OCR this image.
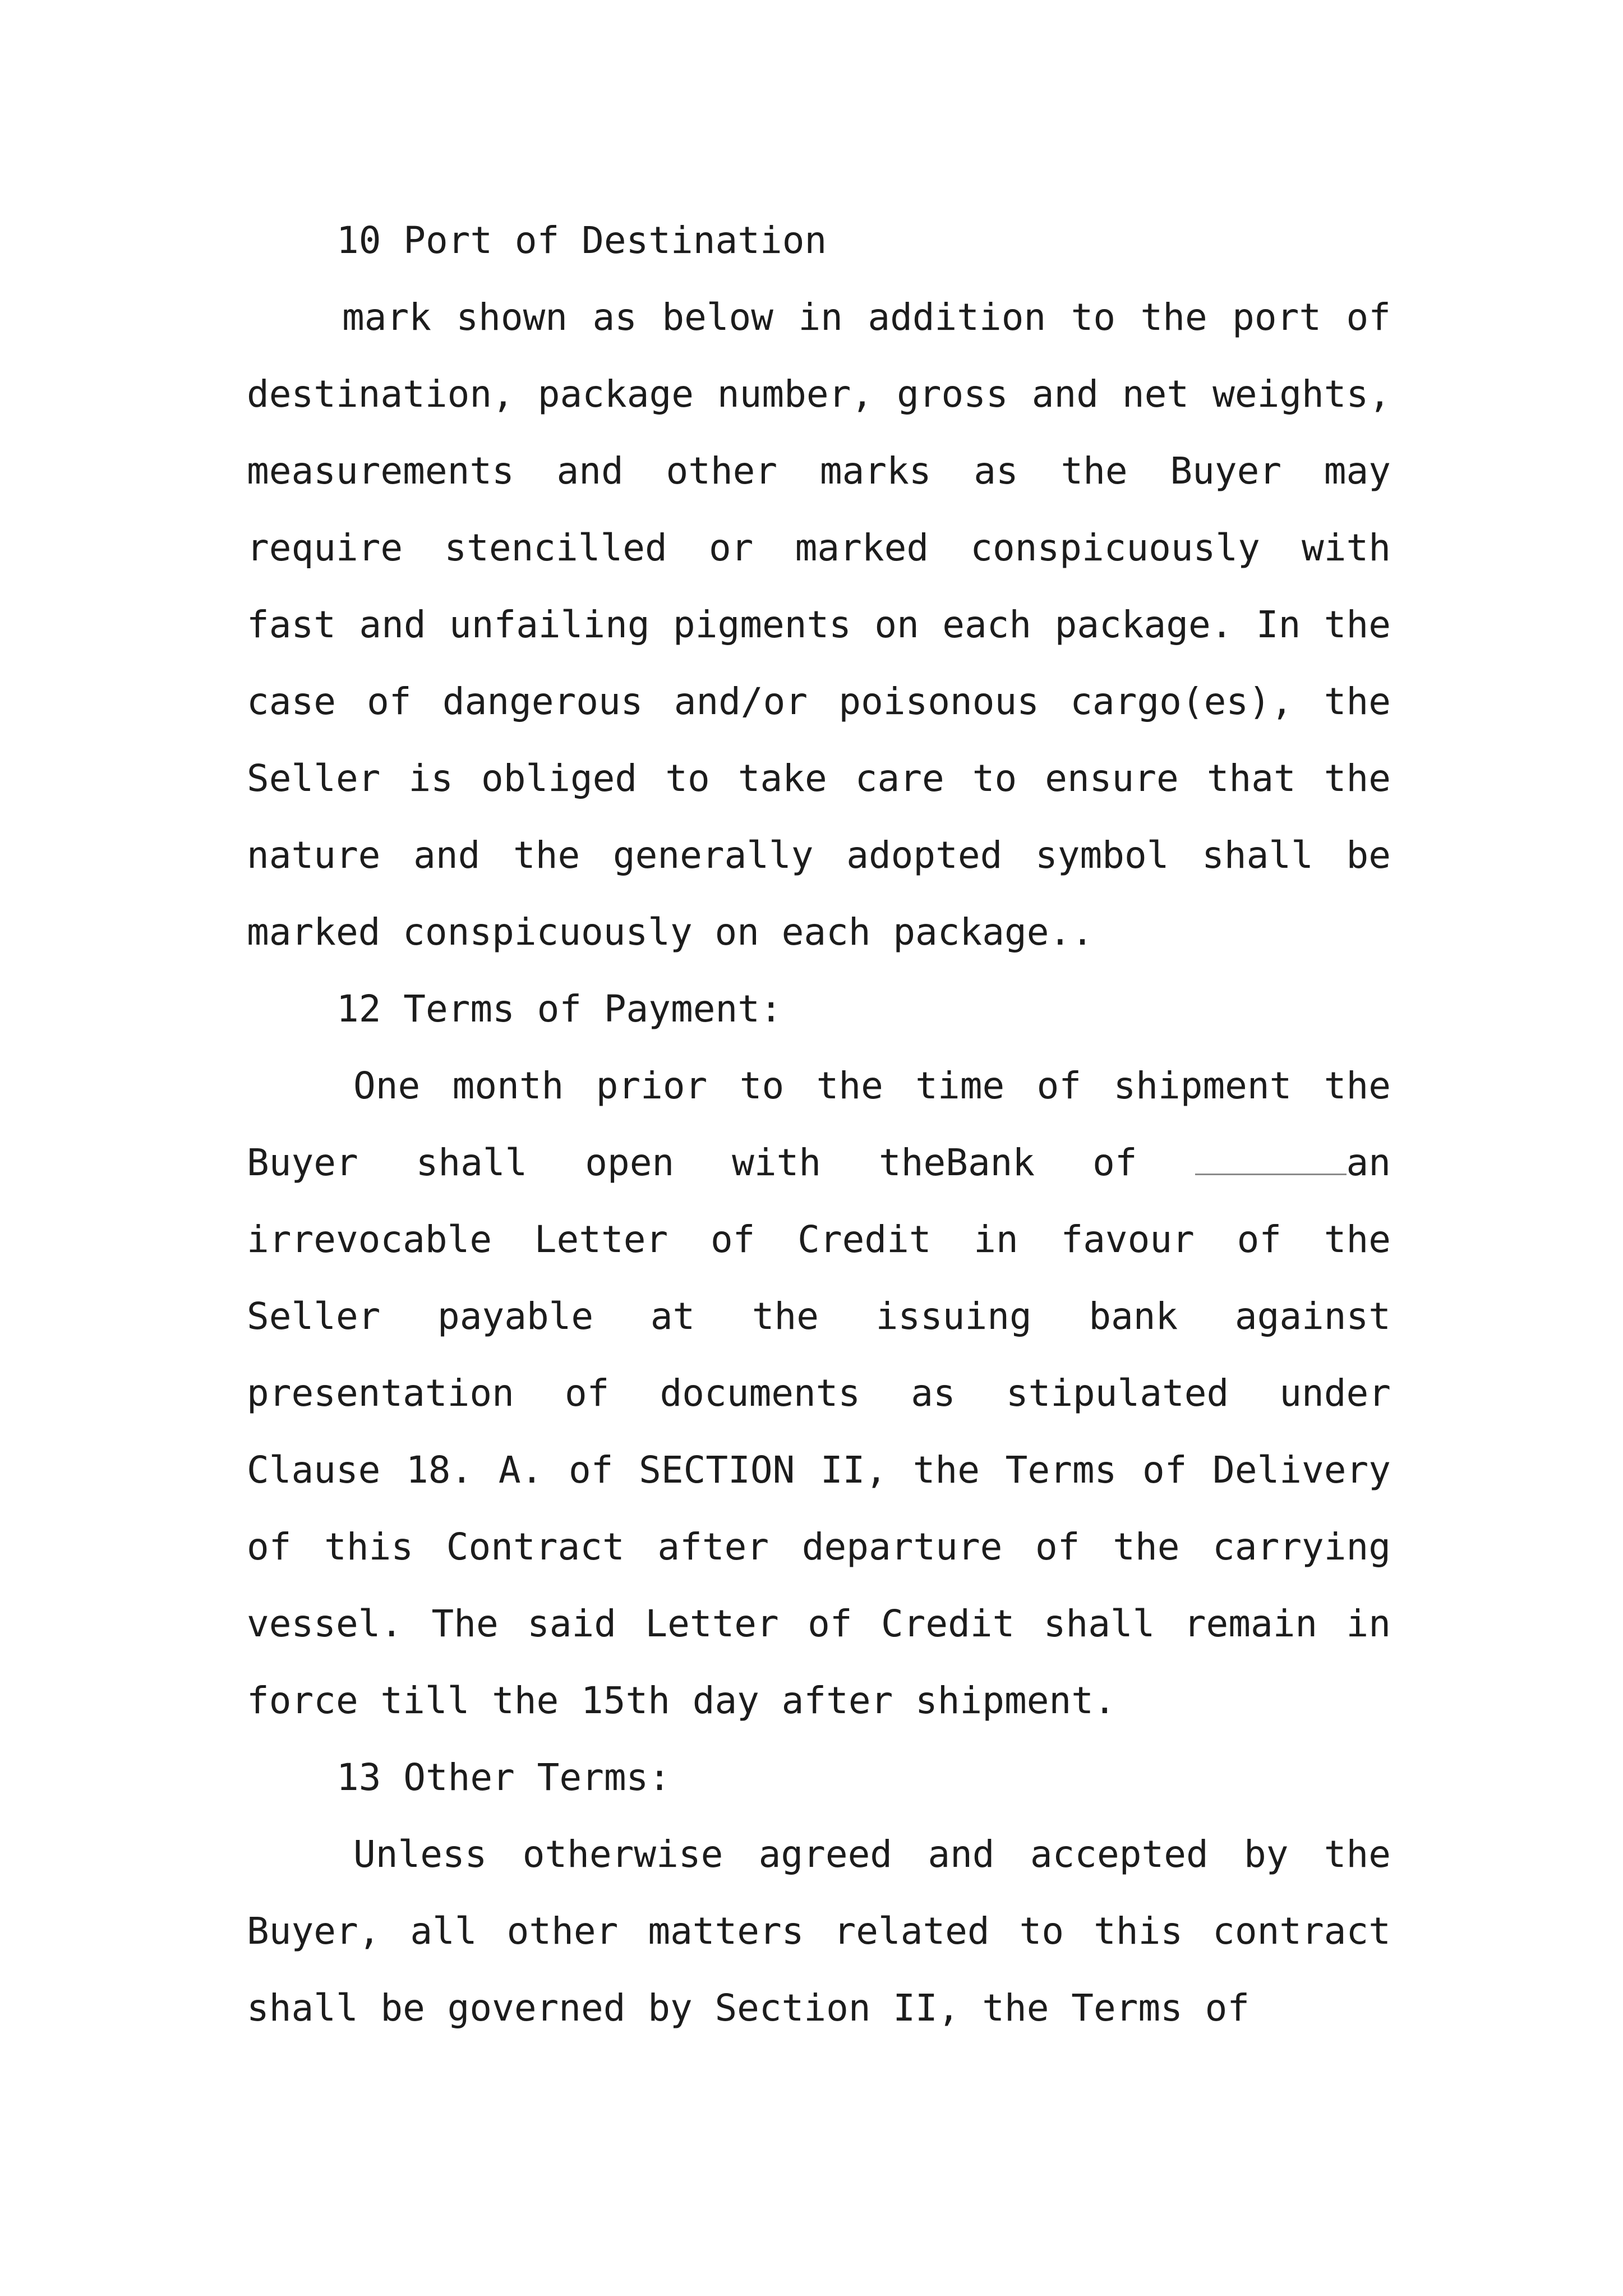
10 Port of Destination

mark shown as below in addition to the port of destination, package number, gross and net weights, measurements and other marks as the Buyer may require stencilled or marked conspicuously with fast and unfailing pigments on each package. In the case of dangerous and/or poisonous cargo(es), the Seller is obliged to take care to ensure that the nature and the generally adopted symbol shall be marked conspicuously on each package..

12 Terms of Payment:

One month prior to the time of shipment the Buyer shall open with theBank of	an irrevocable Letter of Credit in favour of the Seller payable at the issuing bank against presentation of documents as stipulated under Clause 18. A. of SECTION II, the Terms of Delivery of this Contract after departure of the carrying vessel. The said Letter of Credit shall remain in force till the 15th day after shipment.

13 Other Terms:

Unless otherwise agreed and accepted by the Buyer, all other matters related to this contract shall be governed by Section II, the Terms of
